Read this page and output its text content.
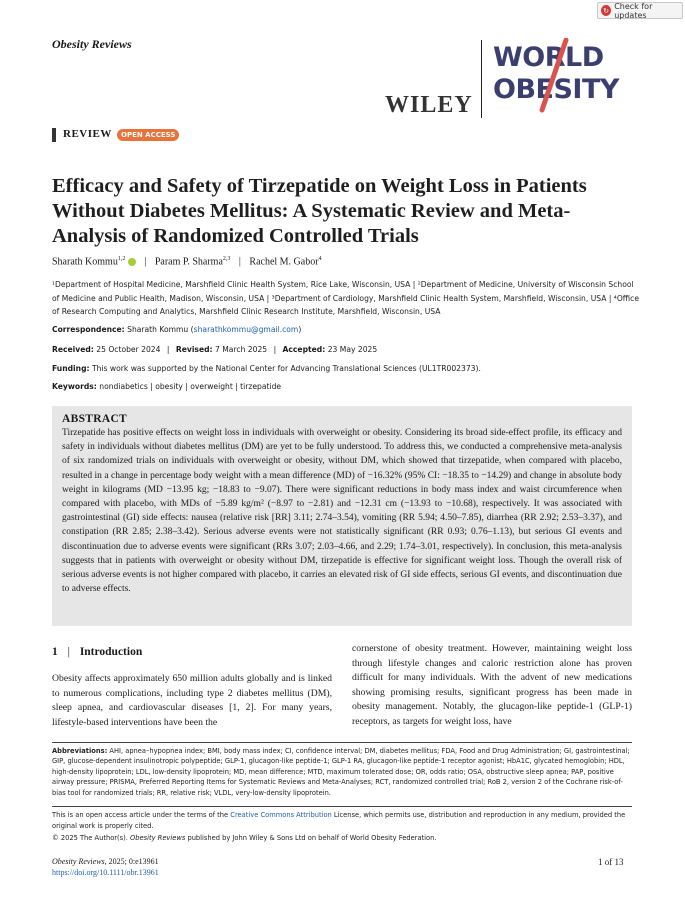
↻ Check for updates
Obesity Reviews
WILEY
WORLD
OBESITY
REVIEW	OPEN ACCESS
Efficacy and Safety of Tirzepatide on Weight Loss in Patients Without Diabetes Mellitus: A Systematic Review and Meta-Analysis of Randomized Controlled Trials
Sharath Kommu$^{1,2}$ | Param P. Sharma$^{2,3}$ | Rachel M. Gabor$^4$
¹Department of Hospital Medicine, Marshfield Clinic Health System, Rice Lake, Wisconsin, USA | ²Department of Medicine, University of Wisconsin School of Medicine and Public Health, Madison, Wisconsin, USA | ³Department of Cardiology, Marshfield Clinic Health System, Marshfield, Wisconsin, USA | ⁴Office of Research Computing and Analytics, Marshfield Clinic Research Institute, Marshfield, Wisconsin, USA
Correspondence: Sharath Kommu (sharathkommu@gmail.com)
Received: 25 October 2024 | Revised: 7 March 2025 | Accepted: 23 May 2025
Funding: This work was supported by the National Center for Advancing Translational Sciences (UL1TR002373).
Keywords: nondiabetics | obesity | overweight | tirzepatide
ABSTRACT
Tirzepatide has positive effects on weight loss in individuals with overweight or obesity. Considering its broad side-effect profile, its efficacy and safety in individuals without diabetes mellitus (DM) are yet to be fully understood. To address this, we conducted a comprehensive meta-analysis of six randomized trials on individuals with overweight or obesity, without DM, which showed that tirzepatide, when compared with placebo, resulted in a change in percentage body weight with a mean difference (MD) of −16.32% (95% CI: −18.35 to −14.29) and change in absolute body weight in kilograms (MD −13.95 kg; −18.83 to −9.07). There were significant reductions in body mass index and waist circumference when compared with placebo, with MDs of −5.89 kg/m² (−8.97 to −2.81) and −12.31 cm (−13.93 to −10.68), respectively. It was associated with gastrointestinal (GI) side effects: nausea (relative risk [RR] 3.11; 2.74–3.54), vomiting (RR 5.94; 4.50–7.85), diarrhea (RR 2.92; 2.53–3.37), and constipation (RR 2.85; 2.38–3.42). Serious adverse events were not statistically significant (RR 0.93; 0.76–1.13), but serious GI events and discontinuation due to adverse events were significant (RRs 3.07; 2.03–4.66, and 2.29; 1.74–3.01, respectively). In conclusion, this meta-analysis suggests that in patients with overweight or obesity without DM, tirzepatide is effective for significant weight loss. Though the overall risk of serious adverse events is not higher compared with placebo, it carries an elevated risk of GI side effects, serious GI events, and discontinuation due to adverse effects.
1 | Introduction
Obesity affects approximately 650 million adults globally and is linked to numerous complications, including type 2 diabetes mellitus (DM), sleep apnea, and cardiovascular diseases [1, 2]. For many years, lifestyle-based interventions have been the
cornerstone of obesity treatment. However, maintaining weight loss through lifestyle changes and caloric restriction alone has proven difficult for many individuals. With the advent of new medications showing promising results, significant progress has been made in obesity management. Notably, the glucagon-like peptide-1 (GLP-1) receptors, as targets for weight loss, have
Abbreviations: AHI, apnea–hypopnea index; BMI, body mass index; CI, confidence interval; DM, diabetes mellitus; FDA, Food and Drug Administration; GI, gastrointestinal; GIP, glucose-dependent insulinotropic polypeptide; GLP-1, glucagon-like peptide-1; GLP-1 RA, glucagon-like peptide-1 receptor agonist; HbA1C, glycated hemoglobin; HDL, high-density lipoprotein; LDL, low-density lipoprotein; MD, mean difference; MTD, maximum tolerated dose; OR, odds ratio; OSA, obstructive sleep apnea; PAP, positive airway pressure; PRISMA, Preferred Reporting Items for Systematic Reviews and Meta-Analyses; RCT, randomized controlled trial; RoB 2, version 2 of the Cochrane risk-of-bias tool for randomized trials; RR, relative risk; VLDL, very-low-density lipoprotein.
This is an open access article under the terms of the Creative Commons Attribution License, which permits use, distribution and reproduction in any medium, provided the original work is properly cited.
© 2025 The Author(s). Obesity Reviews published by John Wiley & Sons Ltd on behalf of World Obesity Federation.
Obesity Reviews, 2025; 0:e13961
https://doi.org/10.1111/obr.13961
1 of 13
